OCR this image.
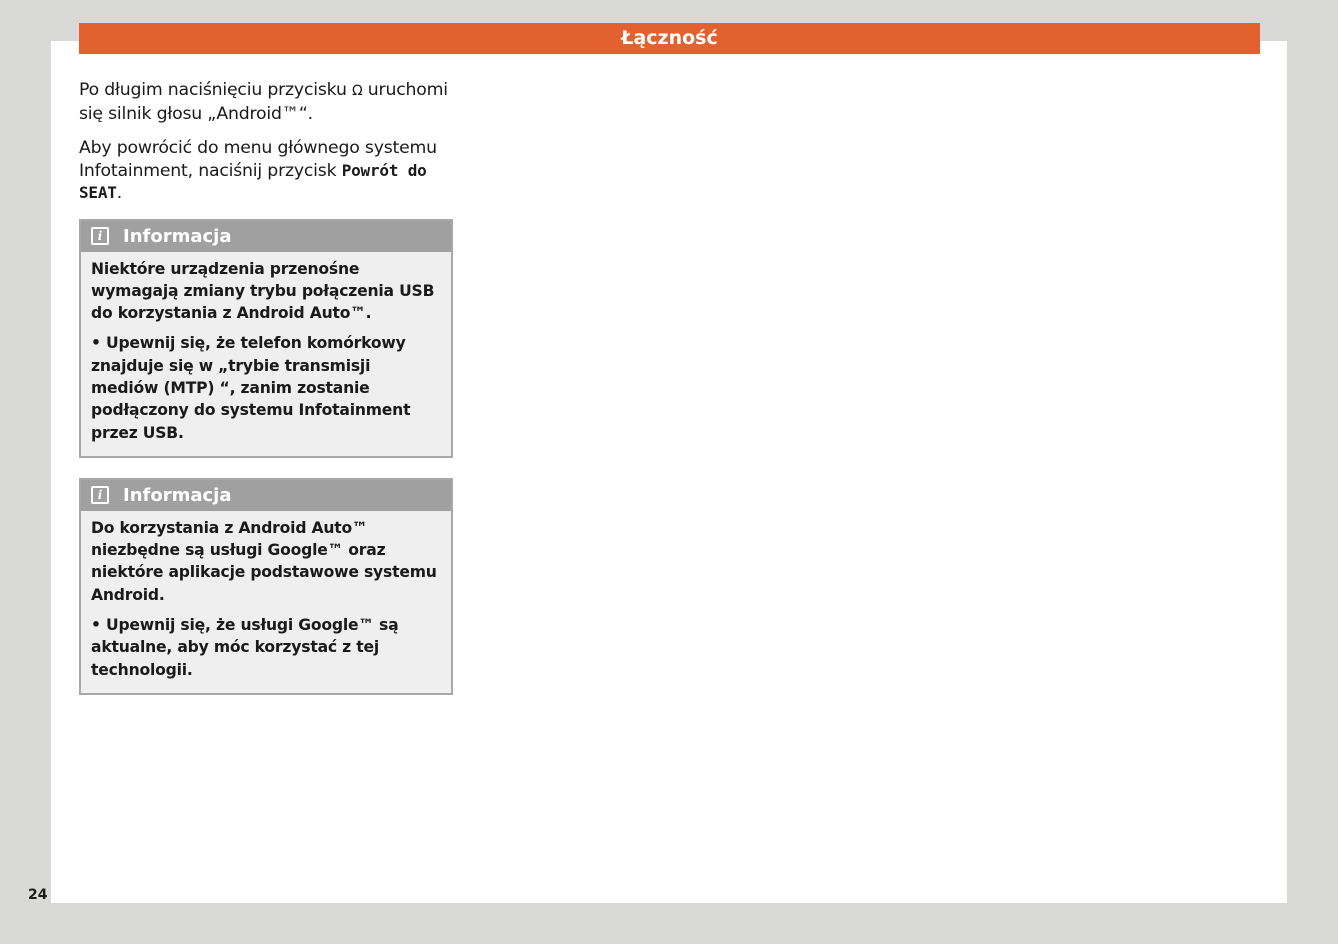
Łączność

Po długim naciśnięciu przycisku Ω uruchomi się silnik głosu „Android™“.

Aby powrócić do menu głównego systemu Infotainment, naciśnij przycisk Powrót do SEAT.

i	Informacja

Niektóre urządzenia przenośne wymagają zmiany trybu połączenia USB do korzystania z Android Auto™.

• Upewnij się, że telefon komórkowy znajduje się w „trybie transmisji mediów (MTP) “, zanim zostanie podłączony do systemu Infotainment przez USB.

i	Informacja

Do korzystania z Android Auto™ niezbędne są usługi Google™ oraz niektóre aplikacje podstawowe systemu Android.

• Upewnij się, że usługi Google™ są aktualne, aby móc korzystać z tej technologii.

24
